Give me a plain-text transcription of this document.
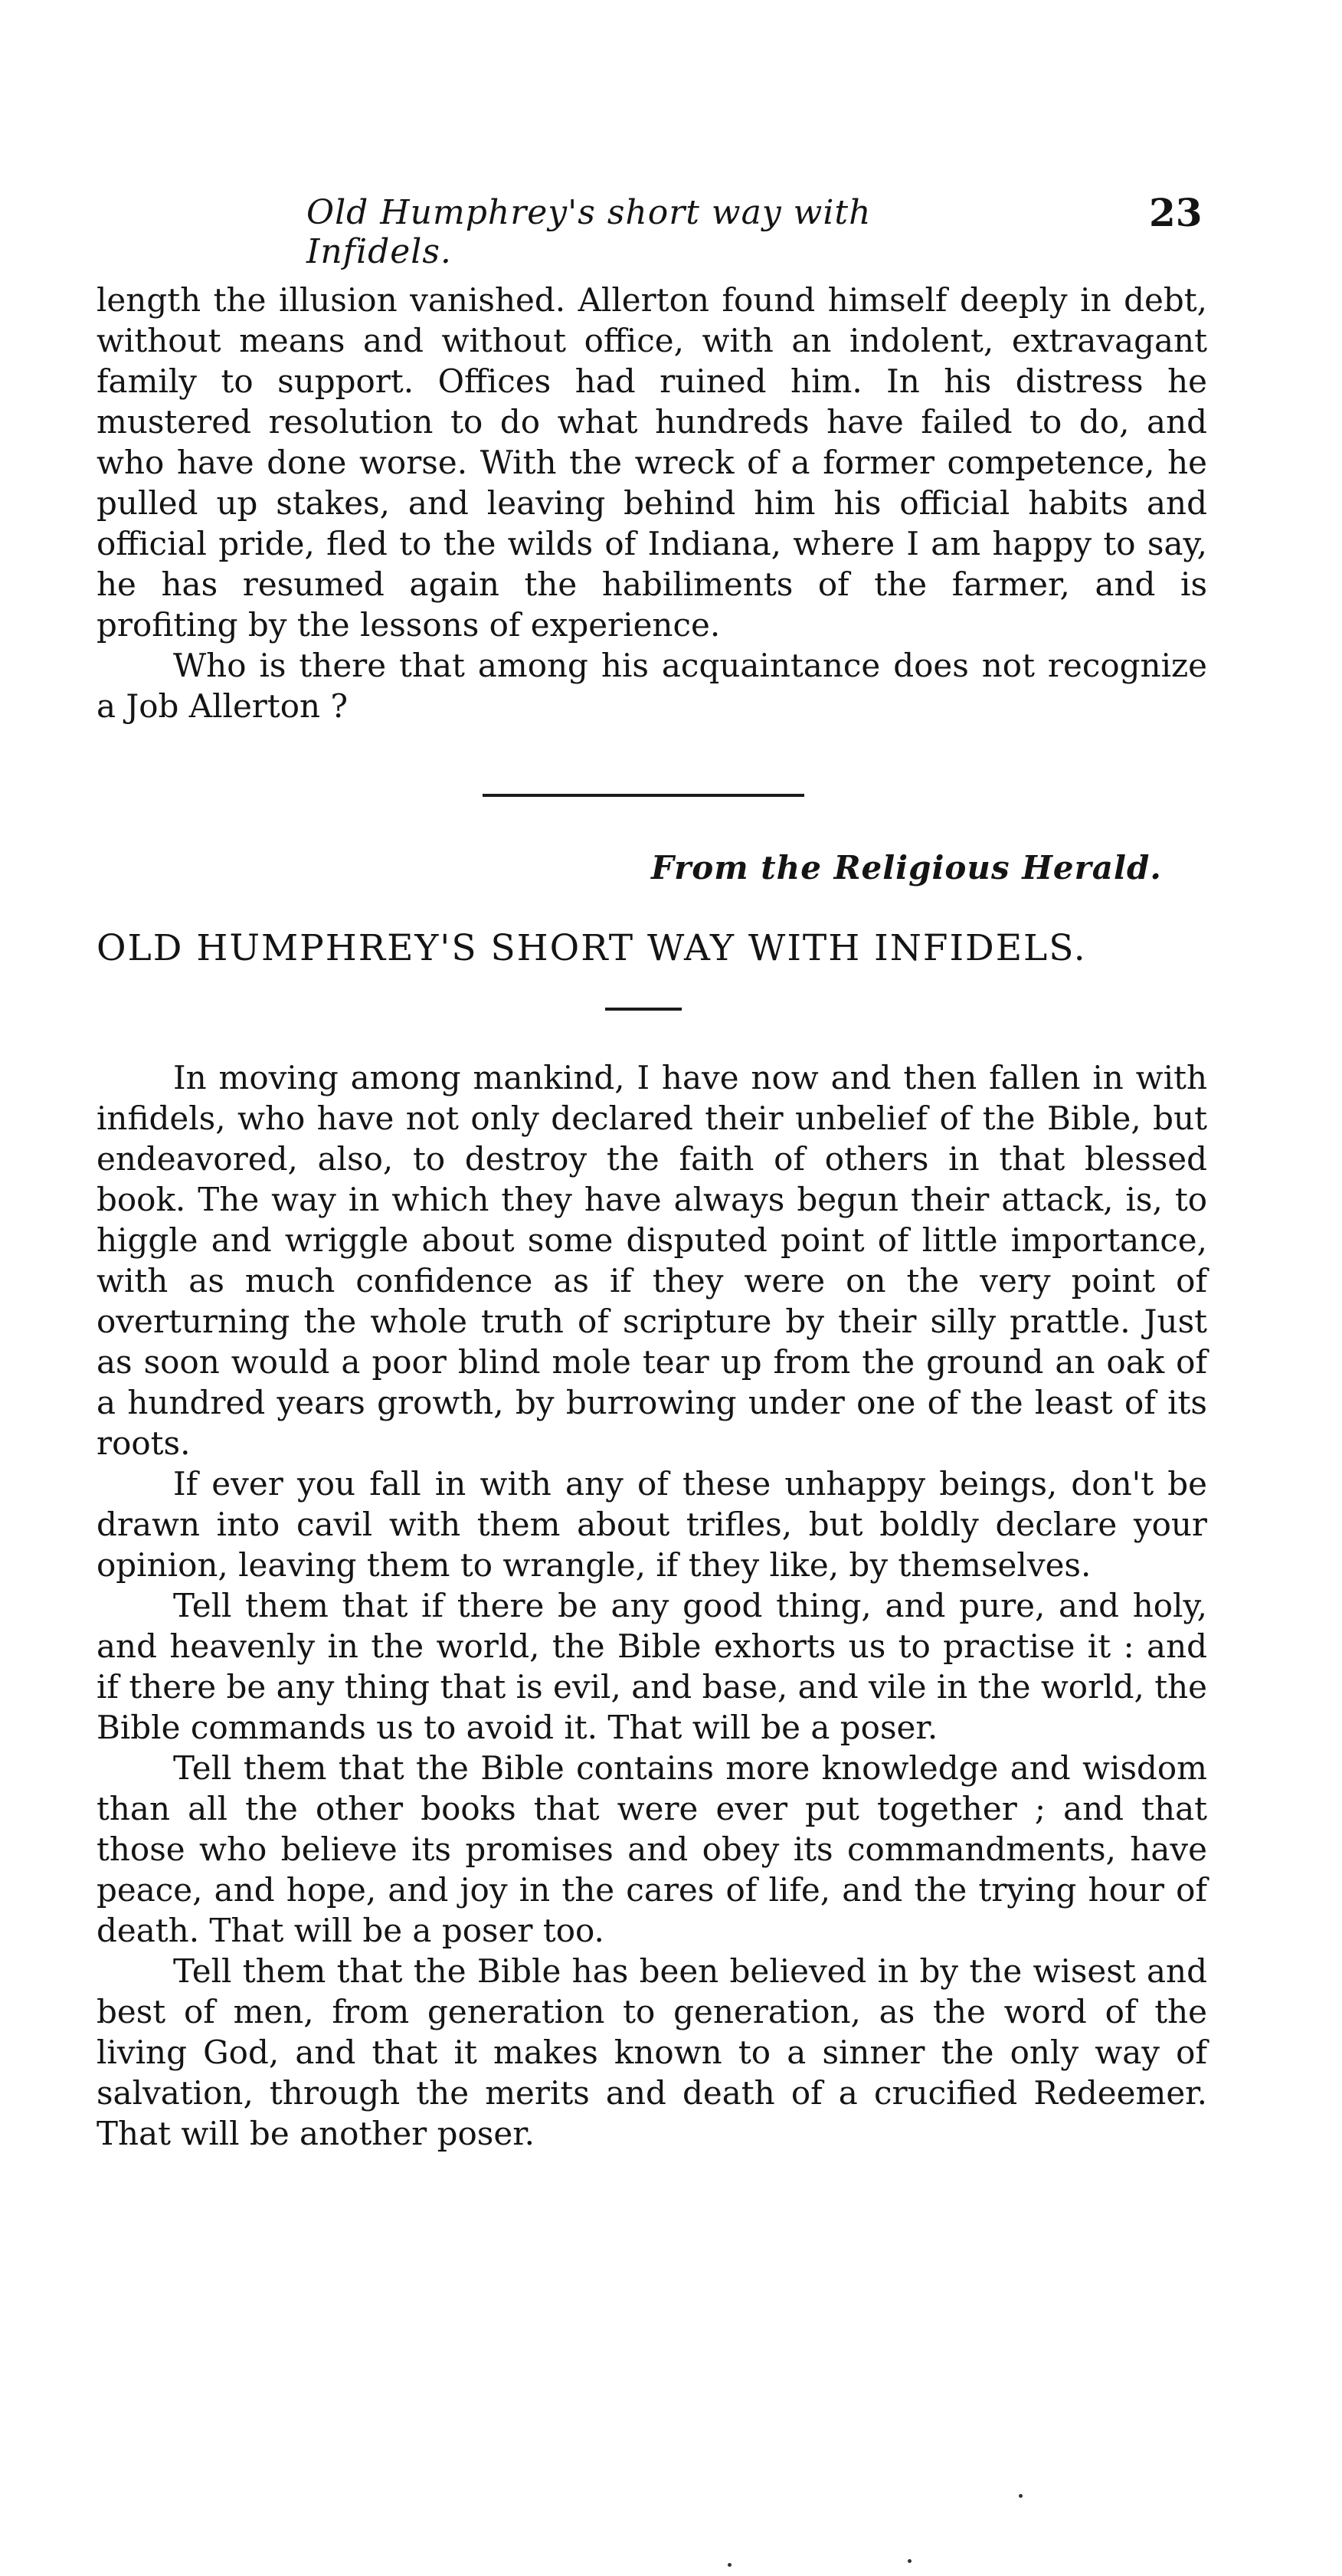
Old Humphrey's short way with Infidels.
23

length the illusion vanished. Allerton found himself deeply in debt, without means and without office, with an indolent, extravagant family to support. Offices had ruined him. In his distress he mustered resolution to do what hundreds have failed to do, and who have done worse. With the wreck of a former competence, he pulled up stakes, and leaving behind him his official habits and official pride, fled to the wilds of Indiana, where I am happy to say, he has resumed again the habiliments of the farmer, and is profiting by the lessons of experience.

Who is there that among his acquaintance does not recognize a Job Allerton ?

From the Religious Herald.
OLD HUMPHREY'S SHORT WAY WITH INFIDELS.

In moving among mankind, I have now and then fallen in with infidels, who have not only declared their unbelief of the Bible, but endeavored, also, to destroy the faith of others in that blessed book. The way in which they have always begun their attack, is, to higgle and wriggle about some disputed point of little importance, with as much confidence as if they were on the very point of overturning the whole truth of scripture by their silly prattle. Just as soon would a poor blind mole tear up from the ground an oak of a hundred years growth, by burrowing under one of the least of its roots.

If ever you fall in with any of these unhappy beings, don't be drawn into cavil with them about trifles, but boldly declare your opinion, leaving them to wrangle, if they like, by themselves.

Tell them that if there be any good thing, and pure, and holy, and heavenly in the world, the Bible exhorts us to practise it : and if there be any thing that is evil, and base, and vile in the world, the Bible commands us to avoid it. That will be a poser.

Tell them that the Bible contains more knowledge and wisdom than all the other books that were ever put together ; and that those who believe its promises and obey its commandments, have peace, and hope, and joy in the cares of life, and the trying hour of death. That will be a poser too.

Tell them that the Bible has been believed in by the wisest and best of men, from generation to generation, as the word of the living God, and that it makes known to a sinner the only way of salvation, through the merits and death of a crucified Redeemer. That will be another poser.
